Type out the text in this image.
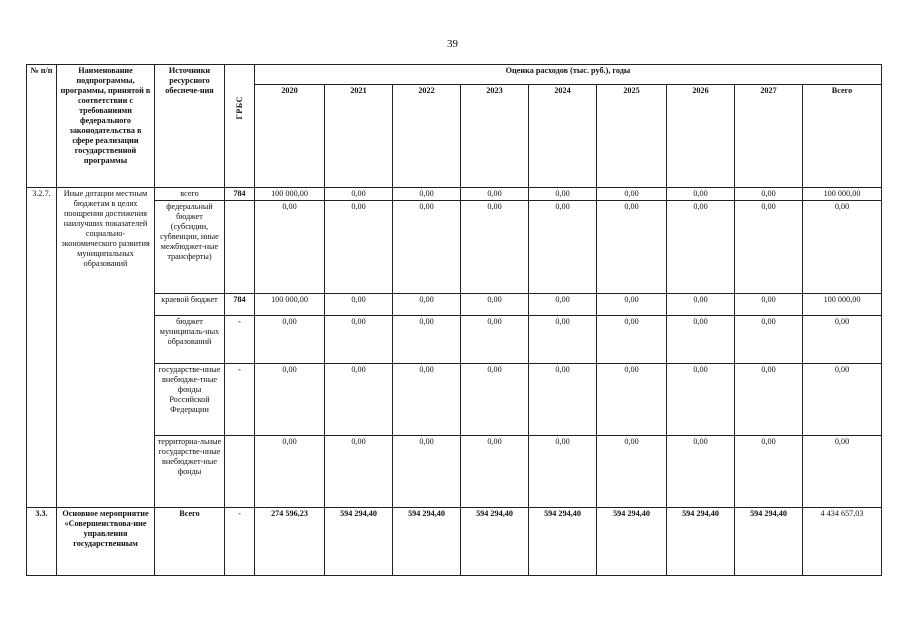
39
№ п/п	Наименование подпрограммы, программы, принятой в соответствии с требованиями федерального законодательства в сфере реализации государственной программы	Источники ресурсного обеспече-ния	ГРБС	Оценка расходов (тыс. руб.), годы								
				2020	2021	2022	2023	2024	2025	2026	2027	Всего
3.2.7.	Иные дотации местным бюджетам в целях поощрения достижения наилучших показателей социально-экономического развития муниципальных образований	всего	784	100 000,00	0,00	0,00	0,00	0,00	0,00	0,00	0,00	100 000,00
		федеральный бюджет (субсидии, субвенции, иные межбюджет-ные трансферты)		0,00	0,00	0,00	0,00	0,00	0,00	0,00	0,00	0,00
		краевой бюджет	784	100 000,00	0,00	0,00	0,00	0,00	0,00	0,00	0,00	100 000,00
		бюджет муниципаль-ных образований	-	0,00	0,00	0,00	0,00	0,00	0,00	0,00	0,00	0,00
		государстве-нные внебюдже-тные фонды Российской Федерации	-	0,00	0,00	0,00	0,00	0,00	0,00	0,00	0,00	0,00
		территориа-льные государстве-нные внебюджет-ные фонды		0,00	0,00	0,00	0,00	0,00	0,00	0,00	0,00	0,00
3.3.	Основное мероприятие «Совершенствова-ние управления государственным	Всего	-	274 596,23	594 294,40	594 294,40	594 294,40	594 294,40	594 294,40	594 294,40	594 294,40	4 434 657,03
